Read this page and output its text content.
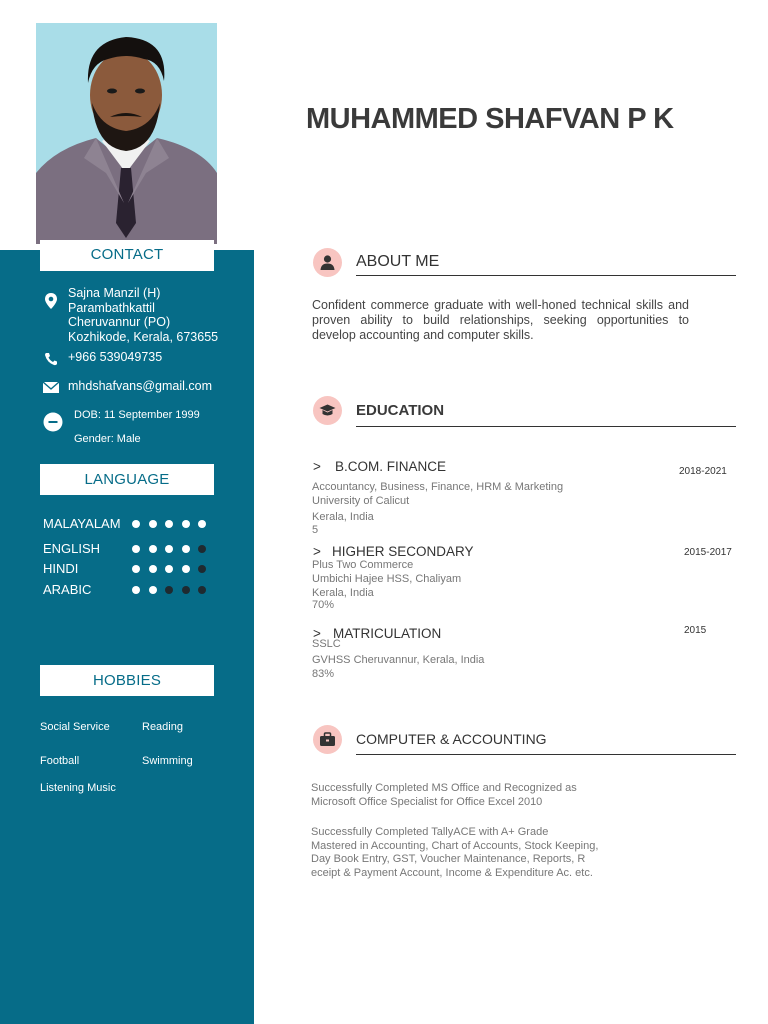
CONTACT
Sajna Manzil (H)
Parambathkattil
Cheruvannur (PO)
Kozhikode, Kerala, 673655
+966 539049735
mhdshafvans@gmail.com
DOB: 11 September 1999
Gender: Male
LANGUAGE
MALAYALAM
ENGLISH
HINDI
ARABIC
HOBBIES
Social Service	Reading
Football	Swimming
Listening Music
MUHAMMED SHAFVAN P K
ABOUT ME
Confident commerce graduate with well-honed technical skills and proven ability to build relationships, seeking opportunities to develop accounting and computer skills.
EDUCATION
> B.COM. FINANCE	2018-2021
Accountancy, Business, Finance, HRM & Marketing
University of Calicut
Kerala, India
5
> HIGHER SECONDARY	2015-2017
Plus Two Commerce
Umbichi Hajee HSS, Chaliyam
Kerala, India
70%
> MATRICULATION	2015
SSLC
GVHSS Cheruvannur, Kerala, India
83%
COMPUTER & ACCOUNTING
Successfully Completed MS Office and Recognized as
Microsoft Office Specialist for Office Excel 2010
Successfully Completed TallyACE with A+ Grade
Mastered in Accounting, Chart of Accounts, Stock Keeping,
Day Book Entry, GST, Voucher Maintenance, Reports, R
eceipt & Payment Account, Income & Expenditure Ac. etc.
